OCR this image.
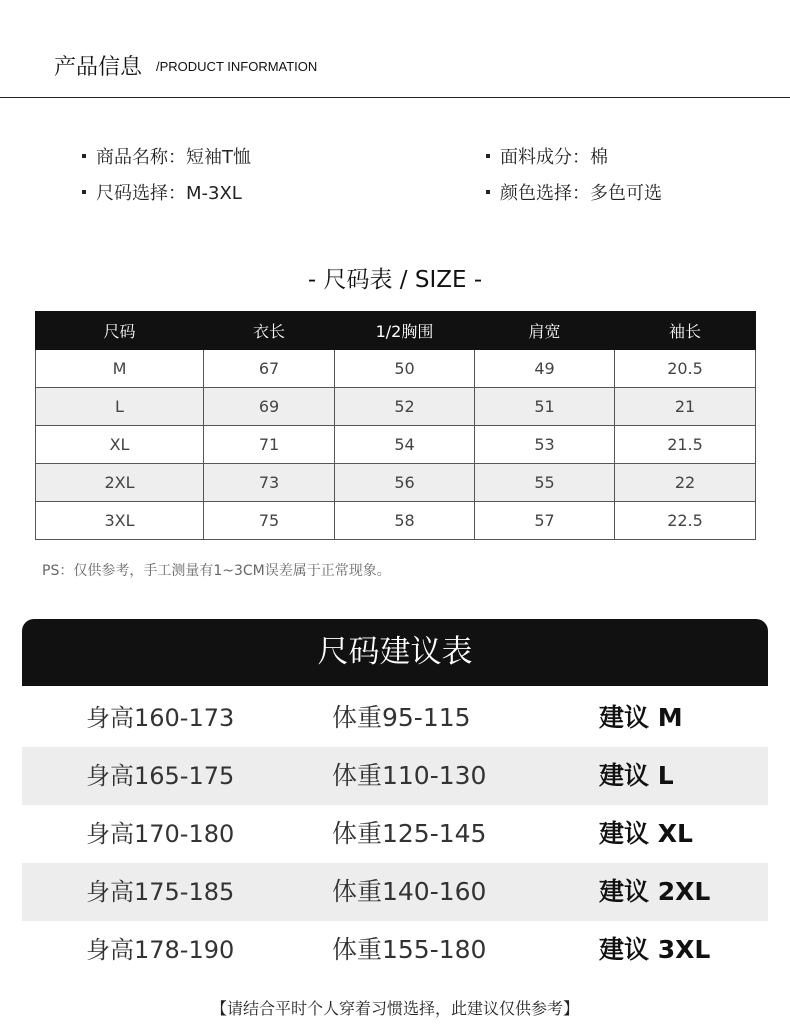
产品信息 /PRODUCT INFORMATION
商品名称：短袖T恤
尺码选择：M-3XL
面料成分：棉
颜色选择：多色可选
- 尺码表 / SIZE -
尺码	衣长	1/2胸围	肩宽	袖长
M	67	50	49	20.5
L	69	52	51	21
XL	71	54	53	21.5
2XL	73	56	55	22
3XL	75	58	57	22.5
PS：仅供参考，手工测量有1~3CM误差属于正常现象。
尺码建议表
身高160-173	体重95-115	建议 M
身高165-175	体重110-130	建议 L
身高170-180	体重125-145	建议 XL
身高175-185	体重140-160	建议 2XL
身高178-190	体重155-180	建议 3XL
【请结合平时个人穿着习惯选择，此建议仅供参考】
